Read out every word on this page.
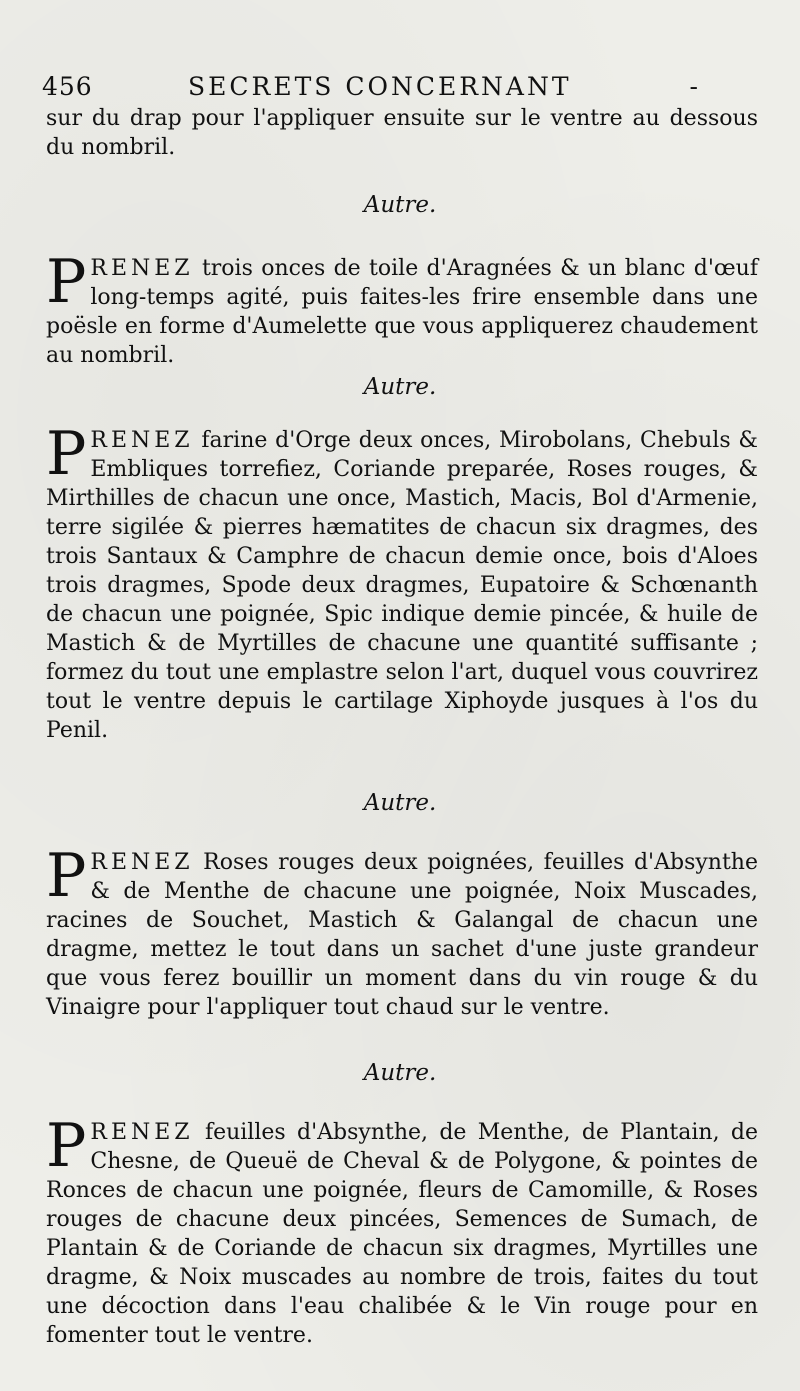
456	SECRETS CONCERNANT	-

sur du drap pour l'appliquer ensuite sur le ventre au dessous du nombril.

Autre.

PRENEZ trois onces de toile d'Aragnées & un blanc d'œuf long-temps agité, puis faites-les frire ensemble dans une poësle en forme d'Aumelette que vous appliquerez chaudement au nombril.

Autre.

PRENEZ farine d'Orge deux onces, Mirobolans, Chebuls & Embliques torrefiez, Coriande preparée, Roses rouges, & Mirthilles de chacun une once, Mastich, Macis, Bol d'Armenie, terre sigilée & pierres hæmatites de chacun six dragmes, des trois Santaux & Camphre de chacun demie once, bois d'Aloes trois dragmes, Spode deux dragmes, Eupatoire & Schœnanth de chacun une poignée, Spic indique demie pincée, & huile de Mastich & de Myrtilles de chacune une quantité suffisante ; formez du tout une emplastre selon l'art, duquel vous couvrirez tout le ventre depuis le cartilage Xiphoyde jusques à l'os du Penil.

Autre.

PRENEZ Roses rouges deux poignées, feuilles d'Absynthe & de Menthe de chacune une poignée, Noix Muscades, racines de Souchet, Mastich & Galangal de chacun une dragme, mettez le tout dans un sachet d'une juste grandeur que vous ferez bouillir un moment dans du vin rouge & du Vinaigre pour l'appliquer tout chaud sur le ventre.

Autre.

PRENEZ feuilles d'Absynthe, de Menthe, de Plantain, de Chesne, de Queuë de Cheval & de Polygone, & pointes de Ronces de chacun une poignée, fleurs de Camomille, & Roses rouges de chacune deux pincées, Semences de Sumach, de Plantain & de Coriande de chacun six dragmes, Myrtilles une dragme, & Noix muscades au nombre de trois, faites du tout une décoction dans l'eau chalibée & le Vin rouge pour en fomenter tout le ventre.
